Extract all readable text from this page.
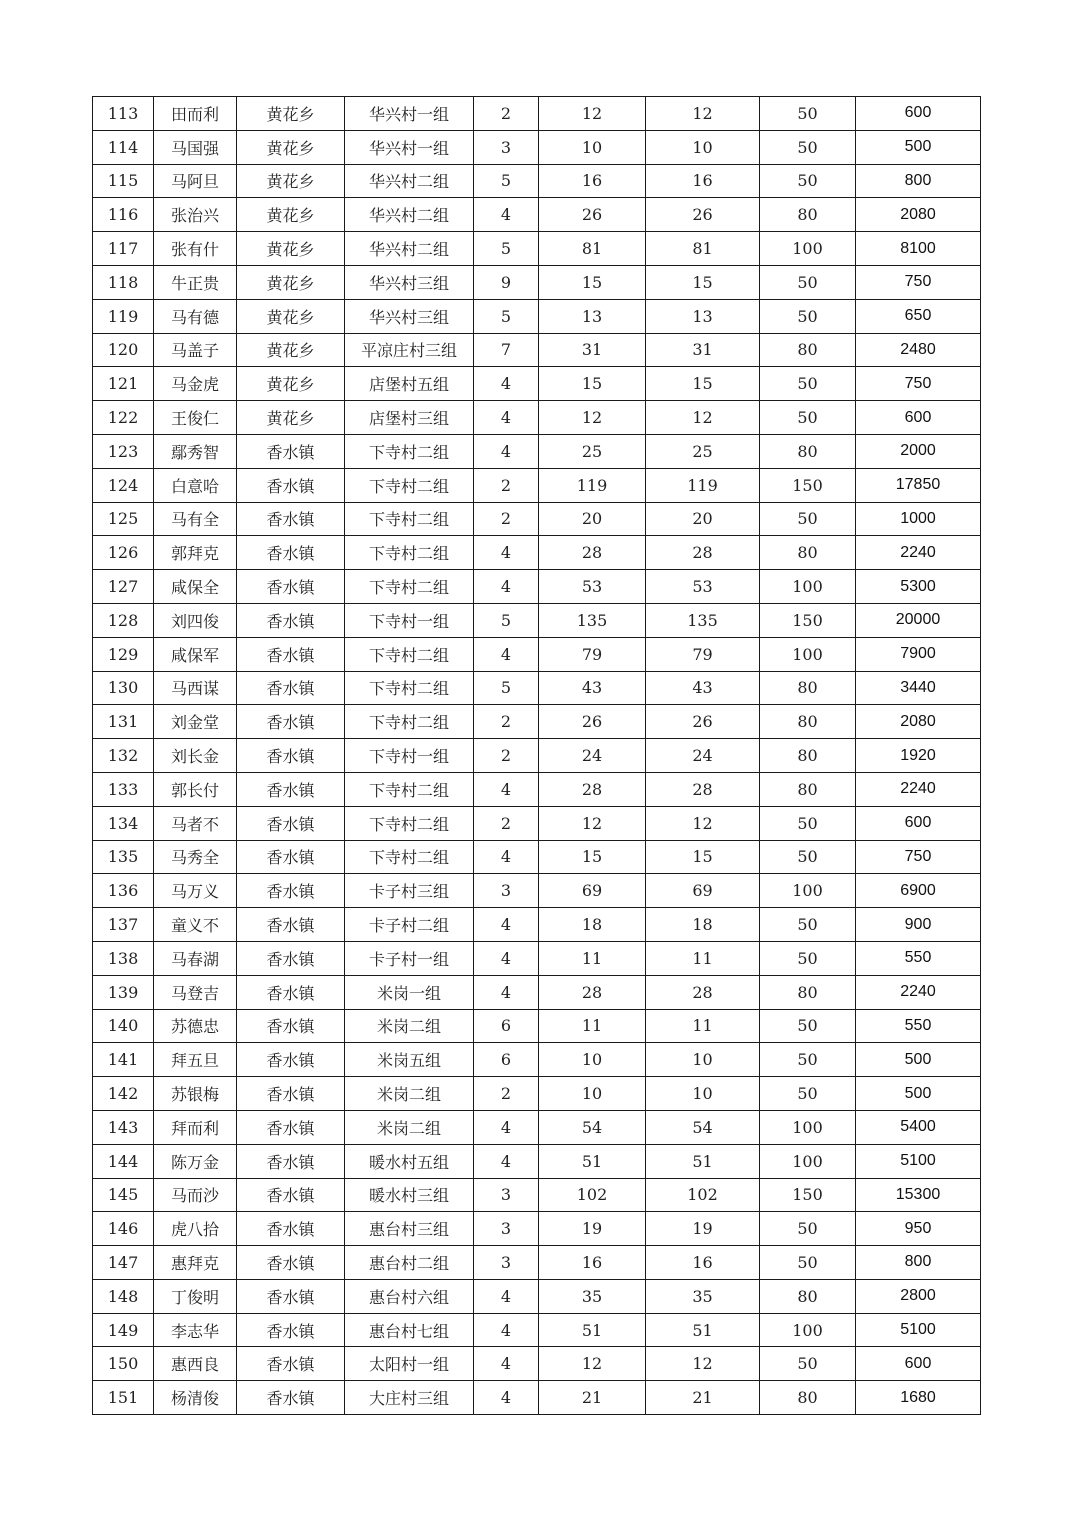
113	田而利	黄花乡	华兴村一组	2	12	12	50	600
114	马国强	黄花乡	华兴村一组	3	10	10	50	500
115	马阿旦	黄花乡	华兴村二组	5	16	16	50	800
116	张治兴	黄花乡	华兴村二组	4	26	26	80	2080
117	张有什	黄花乡	华兴村二组	5	81	81	100	8100
118	牛正贵	黄花乡	华兴村三组	9	15	15	50	750
119	马有德	黄花乡	华兴村三组	5	13	13	50	650
120	马盖子	黄花乡	平凉庄村三组	7	31	31	80	2480
121	马金虎	黄花乡	店堡村五组	4	15	15	50	750
122	王俊仁	黄花乡	店堡村三组	4	12	12	50	600
123	鄢秀智	香水镇	下寺村二组	4	25	25	80	2000
124	白意哈	香水镇	下寺村二组	2	119	119	150	17850
125	马有全	香水镇	下寺村二组	2	20	20	50	1000
126	郭拜克	香水镇	下寺村二组	4	28	28	80	2240
127	咸保全	香水镇	下寺村二组	4	53	53	100	5300
128	刘四俊	香水镇	下寺村一组	5	135	135	150	20000
129	咸保军	香水镇	下寺村二组	4	79	79	100	7900
130	马西谋	香水镇	下寺村二组	5	43	43	80	3440
131	刘金堂	香水镇	下寺村二组	2	26	26	80	2080
132	刘长金	香水镇	下寺村一组	2	24	24	80	1920
133	郭长付	香水镇	下寺村二组	4	28	28	80	2240
134	马者不	香水镇	下寺村二组	2	12	12	50	600
135	马秀全	香水镇	下寺村二组	4	15	15	50	750
136	马万义	香水镇	卡子村三组	3	69	69	100	6900
137	童义不	香水镇	卡子村二组	4	18	18	50	900
138	马春湖	香水镇	卡子村一组	4	11	11	50	550
139	马登吉	香水镇	米岗一组	4	28	28	80	2240
140	苏德忠	香水镇	米岗二组	6	11	11	50	550
141	拜五旦	香水镇	米岗五组	6	10	10	50	500
142	苏银梅	香水镇	米岗二组	2	10	10	50	500
143	拜而利	香水镇	米岗二组	4	54	54	100	5400
144	陈万金	香水镇	暖水村五组	4	51	51	100	5100
145	马而沙	香水镇	暖水村三组	3	102	102	150	15300
146	虎八拾	香水镇	惠台村三组	3	19	19	50	950
147	惠拜克	香水镇	惠台村二组	3	16	16	50	800
148	丁俊明	香水镇	惠台村六组	4	35	35	80	2800
149	李志华	香水镇	惠台村七组	4	51	51	100	5100
150	惠西良	香水镇	太阳村一组	4	12	12	50	600
151	杨清俊	香水镇	大庄村三组	4	21	21	80	1680
